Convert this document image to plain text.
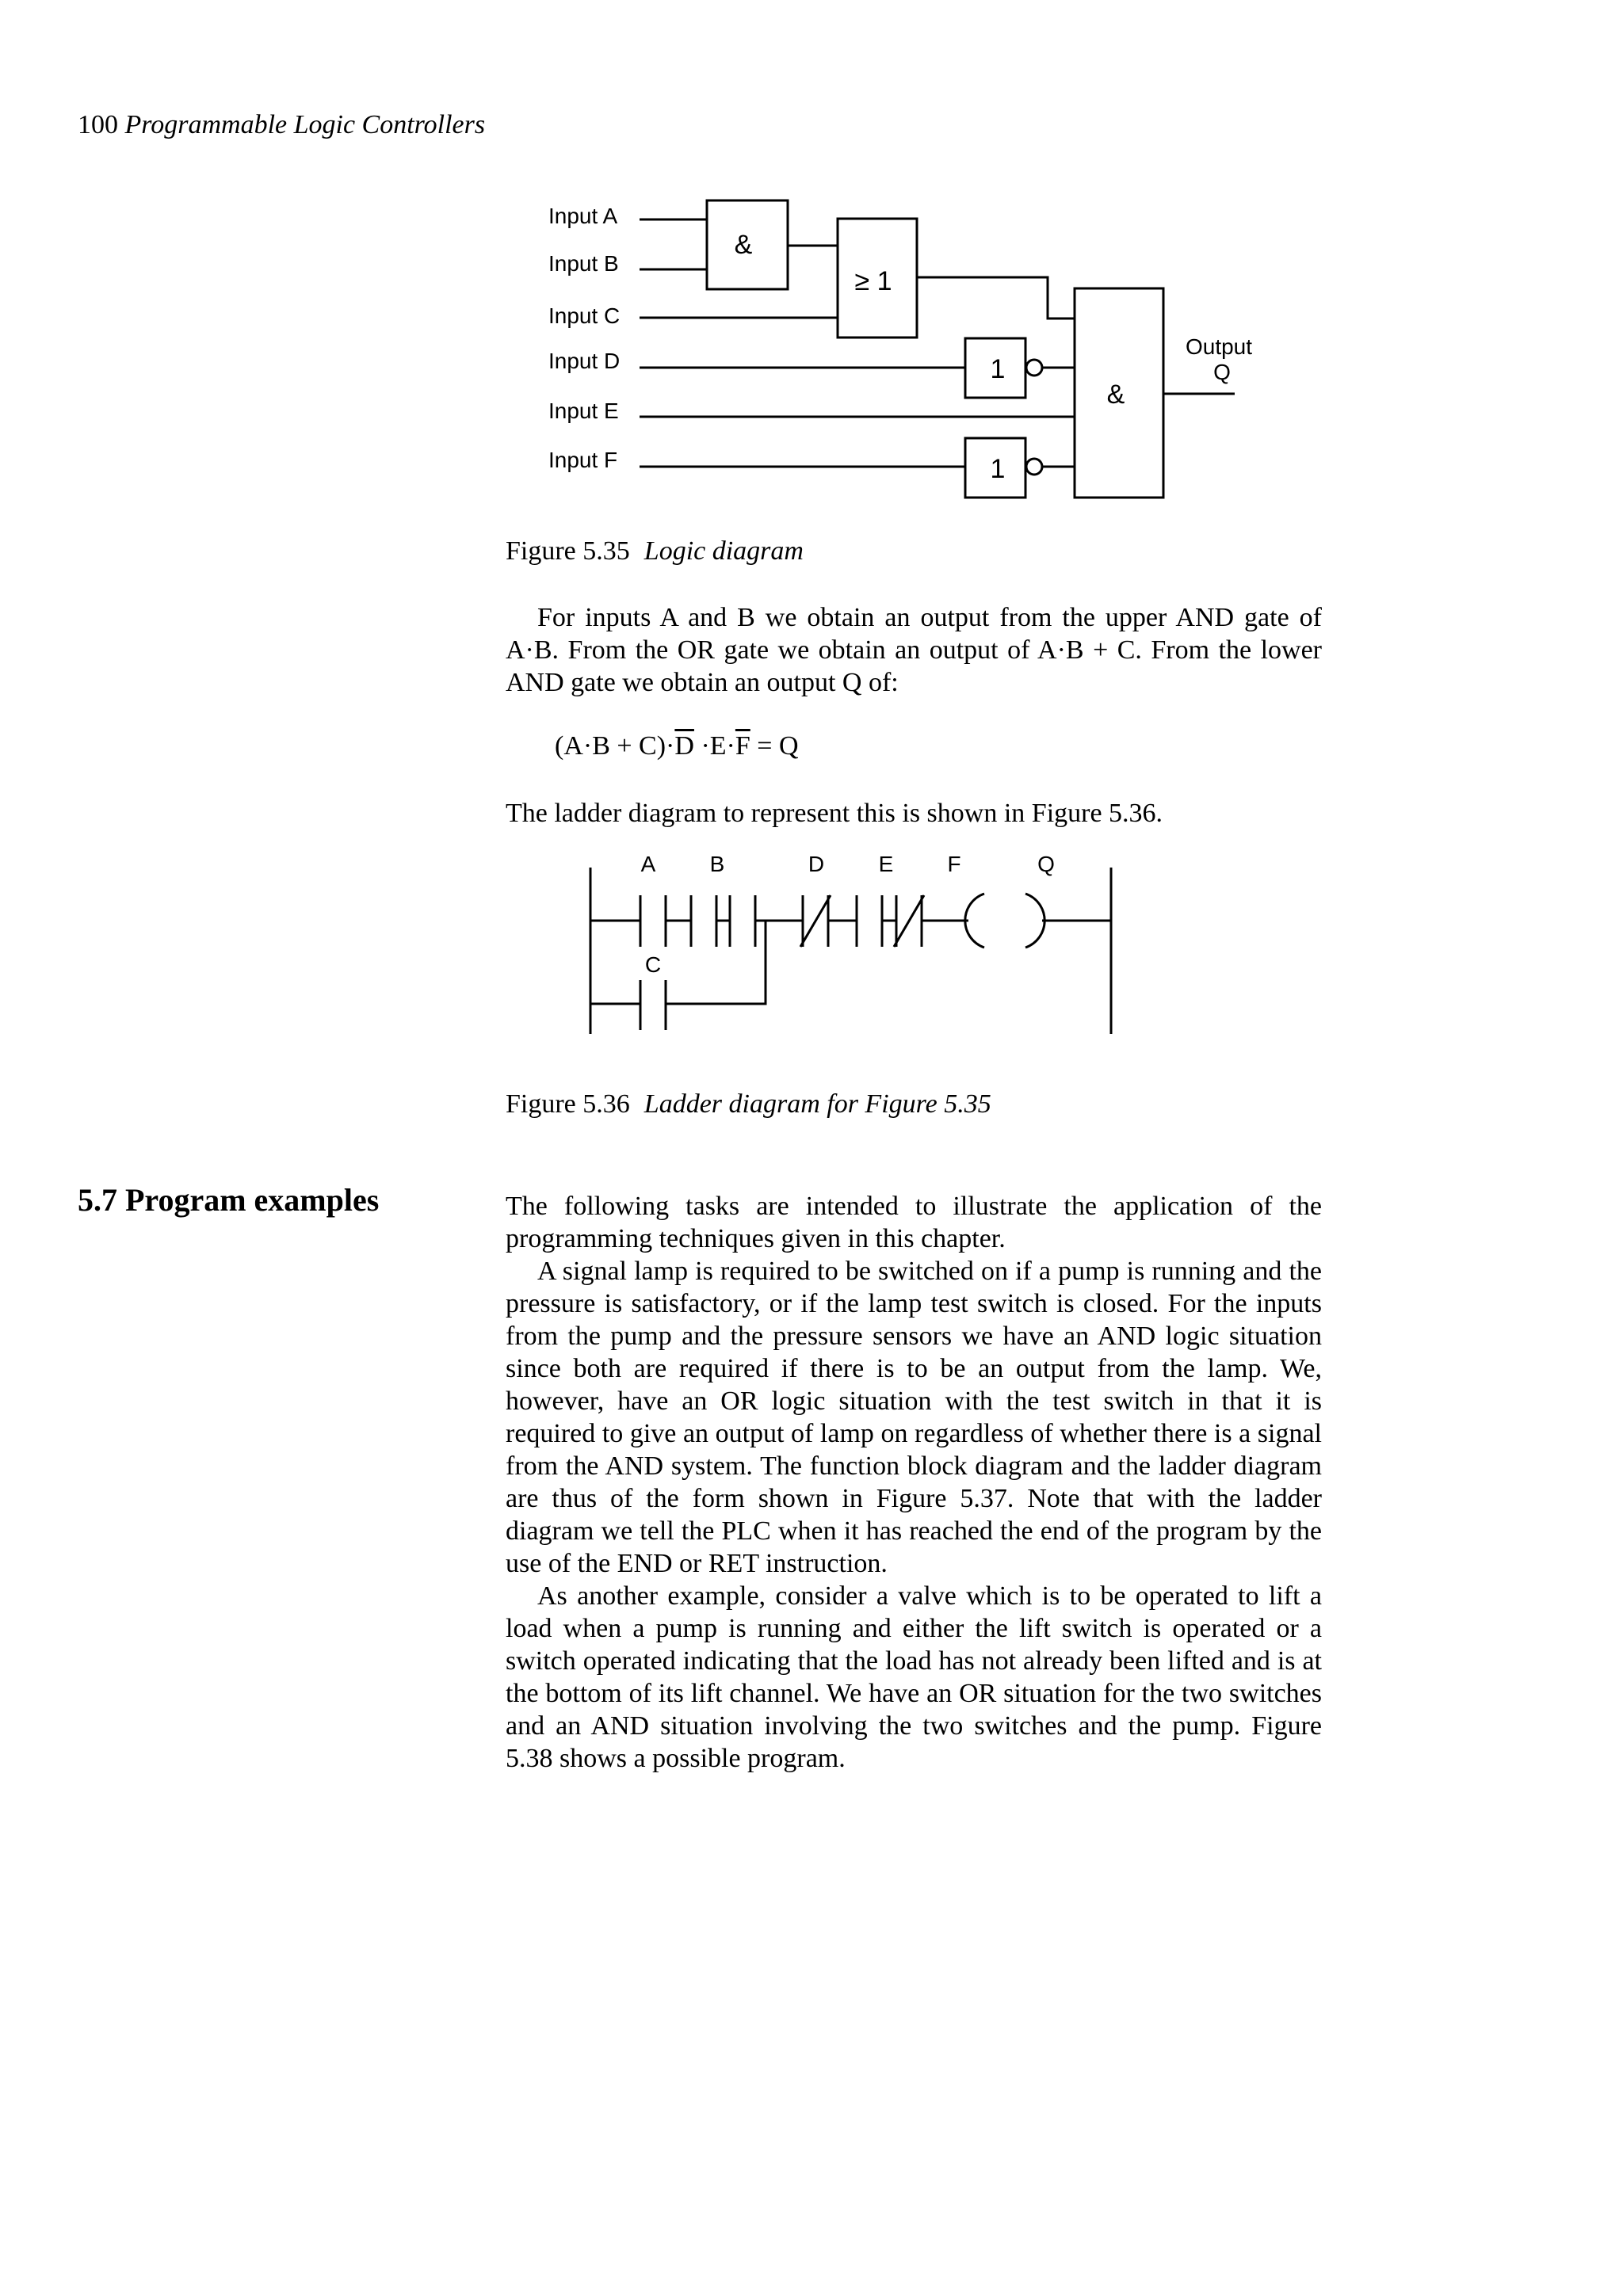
100 Programmable Logic Controllers
Input A
Input B
Input C
Input D
Input E
Input F
Output
Q
&
≥ 1
1
1
&
Figure 5.35 Logic diagram

For inputs A and B we obtain an output from the upper AND gate of A·B. From the OR gate we obtain an output of A·B + C. From the lower AND gate we obtain an output Q of:

$(A\cdot B + C)\cdot\overline{D} \cdot E\cdot\overline{F} = Q$
The ladder diagram to represent this is shown in Figure 5.36.
A B	D E F	Q
C
Figure 5.36 Ladder diagram for Figure 5.35
5.7 Program examples	The following tasks are intended to illustrate the application of the programming techniques given in this chapter.

A signal lamp is required to be switched on if a pump is running and the pressure is satisfactory, or if the lamp test switch is closed. For the inputs from the pump and the pressure sensors we have an AND logic situation since both are required if there is to be an output from the lamp. We, however, have an OR logic situation with the test switch in that it is required to give an output of lamp on regardless of whether there is a signal from the AND system. The function block diagram and the ladder diagram are thus of the form shown in Figure 5.37. Note that with the ladder diagram we tell the PLC when it has reached the end of the program by the use of the END or RET instruction.

As another example, consider a valve which is to be operated to lift a load when a pump is running and either the lift switch is operated or a switch operated indicating that the load has not already been lifted and is at the bottom of its lift channel. We have an OR situation for the two switches and an AND situation involving the two switches and the pump. Figure 5.38 shows a possible program.
